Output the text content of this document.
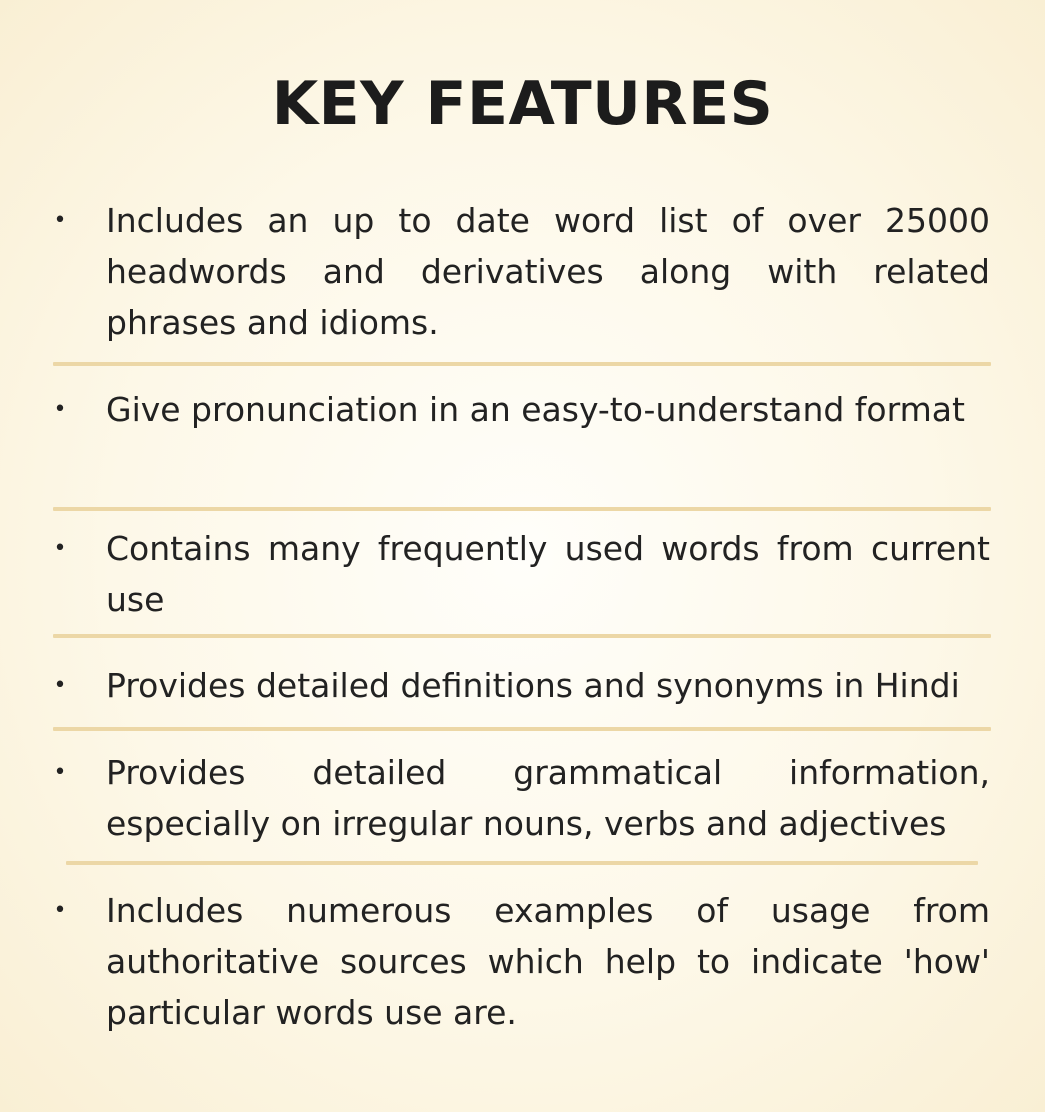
KEY FEATURES
• Includes an up to date word list of over 25000 headwords and derivatives along with related phrases and idioms.
• Give pronunciation in an easy-to-understand format
• Contains many frequently used words from current use
• Provides detailed definitions and synonyms in Hindi
• Provides detailed grammatical information, especially on irregular nouns, verbs and adjectives
• Includes numerous examples of usage from authoritative sources which help to indicate 'how' particular words use are.
